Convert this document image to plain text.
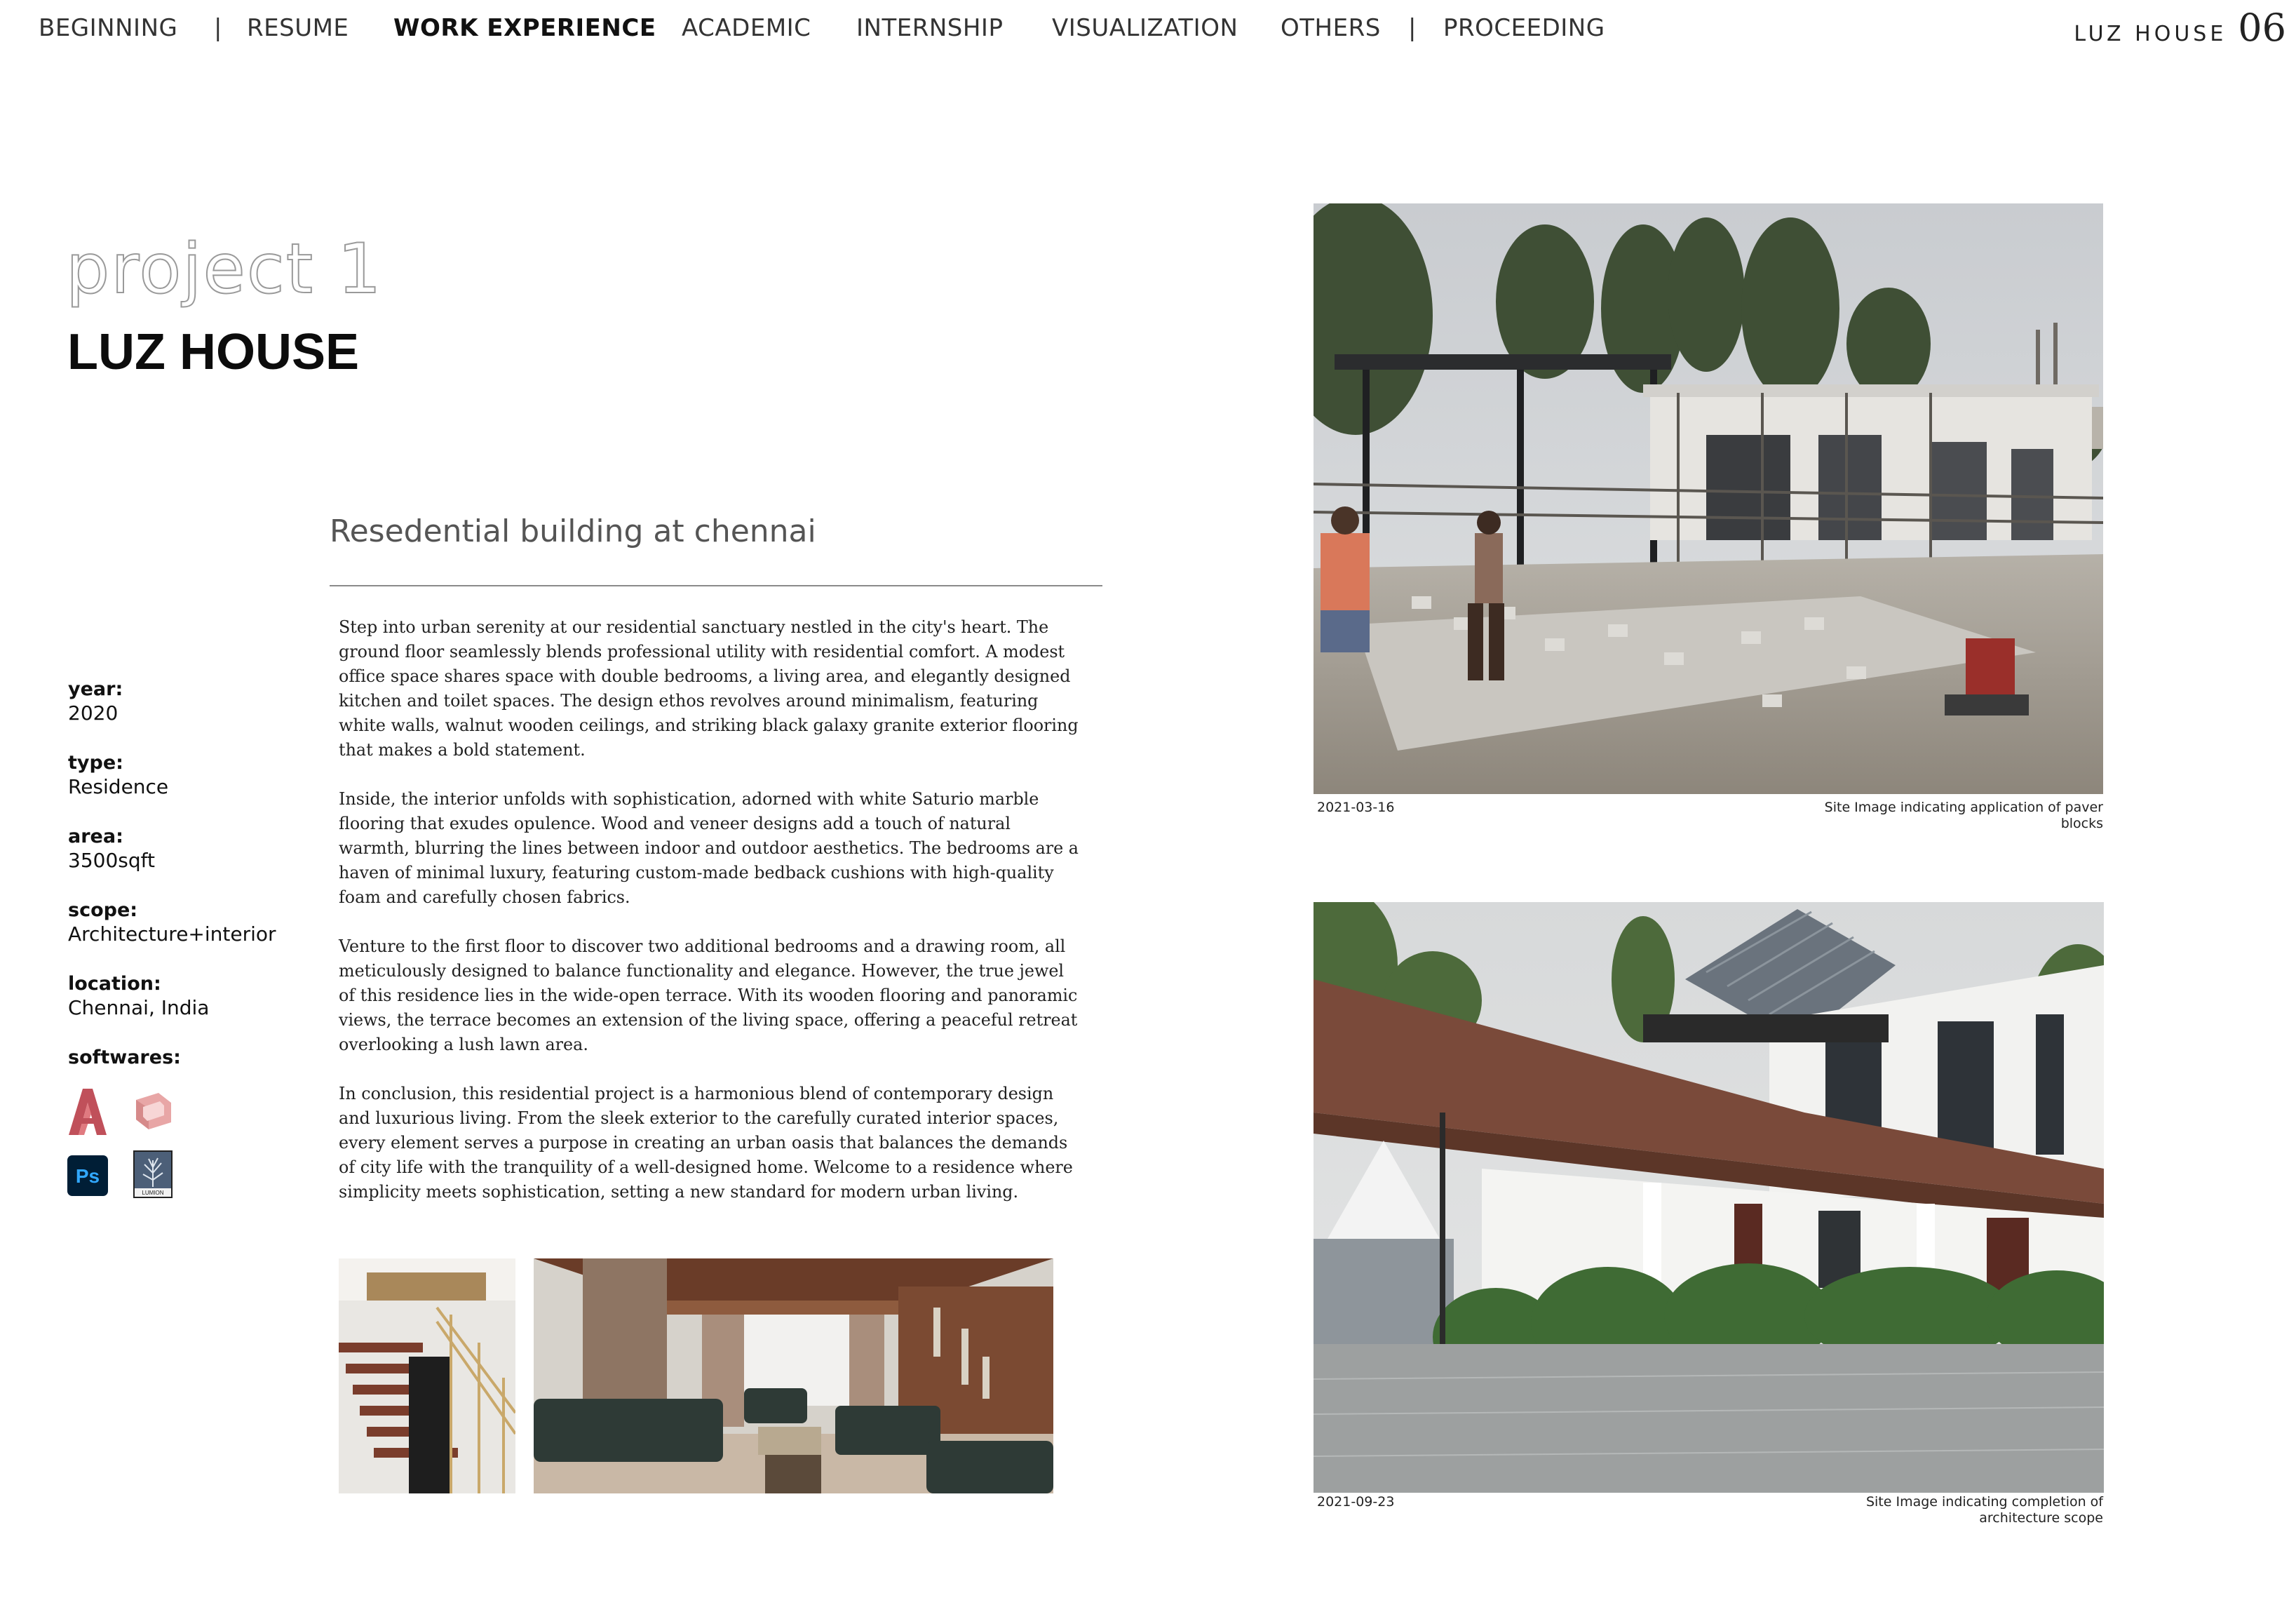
BEGINNING | RESUME WORK EXPERIENCE ACADEMIC INTERNSHIP VISUALIZATION OTHERS | PROCEEDING	LUZ HOUSE 06
project 1
LUZ HOUSE
Resedential building at chennai

Step into urban serenity at our residential sanctuary nestled in the city's heart. The ground floor seamlessly blends professional utility with residential comfort. A modest office space shares space with double bedrooms, a living area, and elegantly designed kitchen and toilet spaces. The design ethos revolves around minimalism, featuring white walls, walnut wooden ceilings, and striking black galaxy granite exterior flooring that makes a bold statement.

Inside, the interior unfolds with sophistication, adorned with white Saturio marble flooring that exudes opulence. Wood and veneer designs add a touch of natural warmth, blurring the lines between indoor and outdoor aesthetics. The bedrooms are a haven of minimal luxury, featuring custom-made bedback cushions with high-quality foam and carefully chosen fabrics.

Venture to the first floor to discover two additional bedrooms and a drawing room, all meticulously designed to balance functionality and elegance. However, the true jewel of this residence lies in the wide-open terrace. With its wooden flooring and panoramic views, the terrace becomes an extension of the living space, offering a peaceful retreat overlooking a lush lawn area.

In conclusion, this residential project is a harmonious blend of contemporary design and luxurious living. From the sleek exterior to the carefully curated interior spaces, every element serves a purpose in creating an urban oasis that balances the demands of city life with the tranquility of a well-designed home. Welcome to a residence where simplicity meets sophistication, setting a new standard for modern urban living.

year:
2020
type:
Residence
area:
3500sqft
scope:
Architecture+interior
location:
Chennai, India
softwares:
Ps
LUMION
2021-03-16	Site Image indicating application of paver blocks
2021-09-23	Site Image indicating completion of architecture scope
